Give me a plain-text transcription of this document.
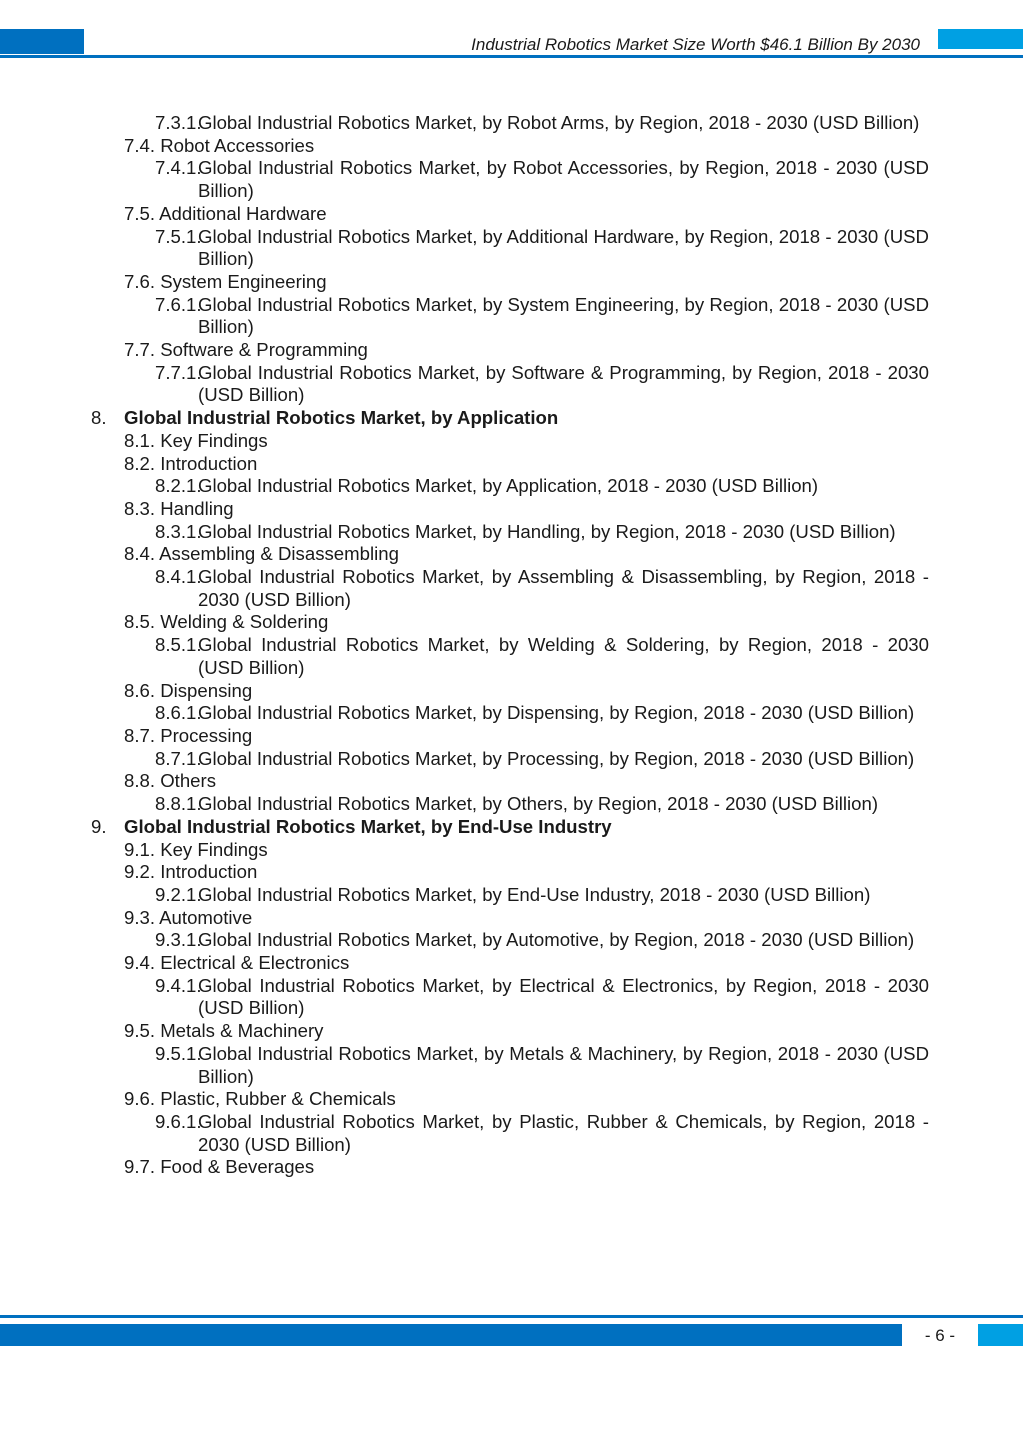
Industrial Robotics Market Size Worth $46.1 Billion By 2030
7.3.1.
Global Industrial Robotics Market, by Robot Arms, by Region, 2018 - 2030 (USD Billion)
7.4. Robot Accessories
7.4.1.
Global Industrial Robotics Market, by Robot Accessories, by Region, 2018 - 2030 (USD Billion)
7.5. Additional Hardware
7.5.1.
Global Industrial Robotics Market, by Additional Hardware, by Region, 2018 - 2030 (USD Billion)
7.6. System Engineering
7.6.1.
Global Industrial Robotics Market, by System Engineering, by Region, 2018 - 2030 (USD Billion)
7.7. Software & Programming
7.7.1.
Global Industrial Robotics Market, by Software & Programming, by Region, 2018 - 2030 (USD Billion)
8. Global Industrial Robotics Market, by Application
8.1. Key Findings
8.2. Introduction
8.2.1.
Global Industrial Robotics Market, by Application, 2018 - 2030 (USD Billion)
8.3. Handling
8.3.1.
Global Industrial Robotics Market, by Handling, by Region, 2018 - 2030 (USD Billion)
8.4. Assembling & Disassembling
8.4.1.
Global Industrial Robotics Market, by Assembling & Disassembling, by Region, 2018 - 2030 (USD Billion)
8.5. Welding & Soldering
8.5.1.
Global Industrial Robotics Market, by Welding & Soldering, by Region, 2018 - 2030 (USD Billion)
8.6. Dispensing
8.6.1.
Global Industrial Robotics Market, by Dispensing, by Region, 2018 - 2030 (USD Billion)
8.7. Processing
8.7.1.
Global Industrial Robotics Market, by Processing, by Region, 2018 - 2030 (USD Billion)
8.8. Others
8.8.1.
Global Industrial Robotics Market, by Others, by Region, 2018 - 2030 (USD Billion)
9. Global Industrial Robotics Market, by End-Use Industry
9.1. Key Findings
9.2. Introduction
9.2.1.
Global Industrial Robotics Market, by End-Use Industry, 2018 - 2030 (USD Billion)
9.3. Automotive
9.3.1.
Global Industrial Robotics Market, by Automotive, by Region, 2018 - 2030 (USD Billion)
9.4. Electrical & Electronics
9.4.1.
Global Industrial Robotics Market, by Electrical & Electronics, by Region, 2018 - 2030 (USD Billion)
9.5. Metals & Machinery
9.5.1.
Global Industrial Robotics Market, by Metals & Machinery, by Region, 2018 - 2030 (USD Billion)
9.6. Plastic, Rubber & Chemicals
9.6.1.
Global Industrial Robotics Market, by Plastic, Rubber & Chemicals, by Region, 2018 - 2030 (USD Billion)
9.7. Food & Beverages
- 6 -
